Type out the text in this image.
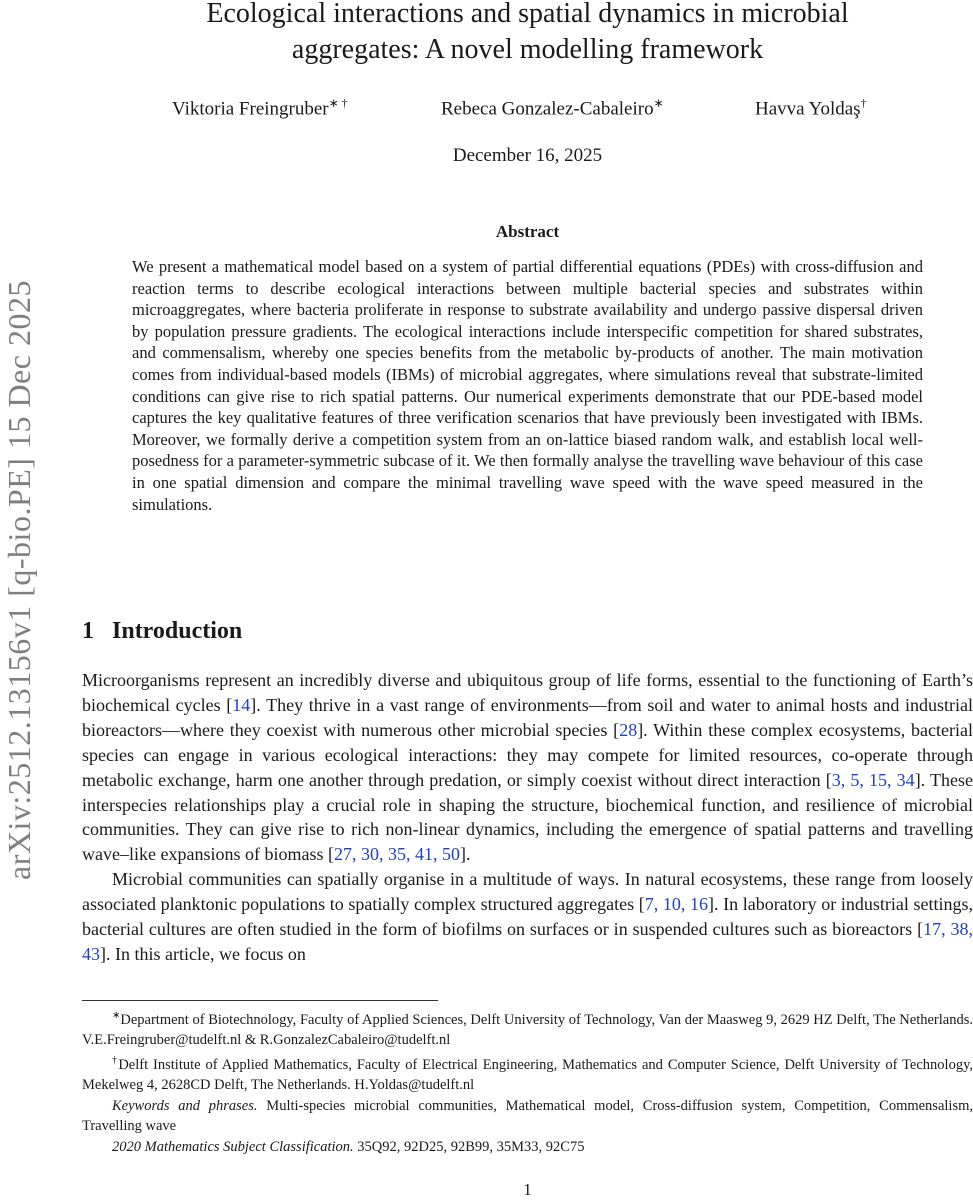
arXiv:2512.13156v1 [q-bio.PE] 15 Dec 2025
Ecological interactions and spatial dynamics in microbial
aggregates: A novel modelling framework
Viktoria Freingruber∗ †	Rebeca Gonzalez-Cabaleiro∗	Havva Yoldaş†
December 16, 2025
Abstract
We present a mathematical model based on a system of partial differential equations (PDEs) with cross-diffusion and reaction terms to describe ecological interactions between multiple bacterial species and substrates within microaggregates, where bacteria proliferate in response to substrate availability and undergo passive dispersal driven by population pressure gradients. The ecological interactions include interspecific competition for shared substrates, and commensalism, whereby one species benefits from the metabolic by-products of another. The main motivation comes from individual-based models (IBMs) of microbial aggregates, where simulations reveal that substrate-limited conditions can give rise to rich spatial patterns. Our numerical experiments demonstrate that our PDE-based model captures the key qualitative features of three verification scenarios that have previously been investigated with IBMs. Moreover, we formally derive a competition system from an on-lattice biased random walk, and establish local well-posedness for a parameter-symmetric subcase of it. We then formally analyse the travelling wave behaviour of this case in one spatial dimension and compare the minimal travelling wave speed with the wave speed measured in the simulations.
1 Introduction

Microorganisms represent an incredibly diverse and ubiquitous group of life forms, essential to the functioning of Earth’s biochemical cycles [14]. They thrive in a vast range of environments—from soil and water to animal hosts and industrial bioreactors—where they coexist with numerous other microbial species [28]. Within these complex ecosystems, bacterial species can engage in various ecological interactions: they may compete for limited resources, co-operate through metabolic exchange, harm one another through predation, or simply coexist without direct interaction [3, 5, 15, 34]. These interspecies relationships play a crucial role in shaping the structure, biochemical function, and resilience of microbial communities. They can give rise to rich non-linear dynamics, including the emergence of spatial patterns and travelling wave–like expansions of biomass [27, 30, 35, 41, 50].

Microbial communities can spatially organise in a multitude of ways. In natural ecosystems, these range from loosely associated planktonic populations to spatially complex structured aggregates [7, 10, 16]. In laboratory or industrial settings, bacterial cultures are often studied in the form of biofilms on surfaces or in suspended cultures such as bioreactors [17, 38, 43]. In this article, we focus on

∗Department of Biotechnology, Faculty of Applied Sciences, Delft University of Technology, Van der Maasweg 9, 2629 HZ Delft, The Netherlands. V.E.Freingruber@tudelft.nl & R.GonzalezCabaleiro@tudelft.nl

†Delft Institute of Applied Mathematics, Faculty of Electrical Engineering, Mathematics and Computer Science, Delft University of Technology, Mekelweg 4, 2628CD Delft, The Netherlands. H.Yoldas@tudelft.nl

Keywords and phrases. Multi-species microbial communities, Mathematical model, Cross-diffusion system, Competition, Commensalism, Travelling wave

2020 Mathematics Subject Classification. 35Q92, 92D25, 92B99, 35M33, 92C75

1
